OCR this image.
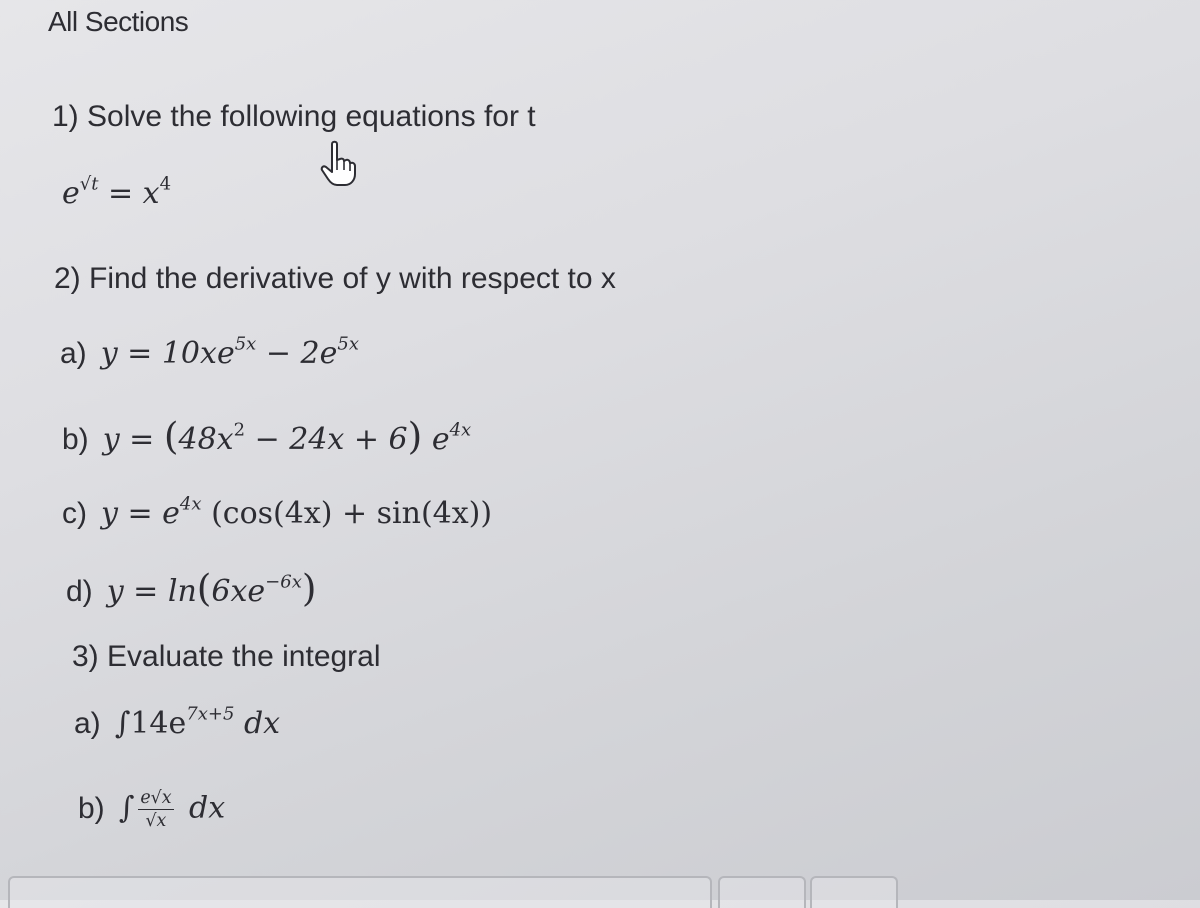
All Sections
1) Solve the following equations for t
$e^{√t} = x^4$
2) Find the derivative of y with respect to x
a) $y = 10xe^{5x} - 2e^{5x}$
b) $y = (48x^2 - 24x + 6)$ $e^{4x}$
c) $y = e^{4x}$ (cos(4x) + sin(4x))
d) $y = \ln(6xe^{-6x})$
3) Evaluate the integral
a) $\int 14e^{7x+5}$ dx
b) ∫ $\frac{e√x}{√x}$ dx
